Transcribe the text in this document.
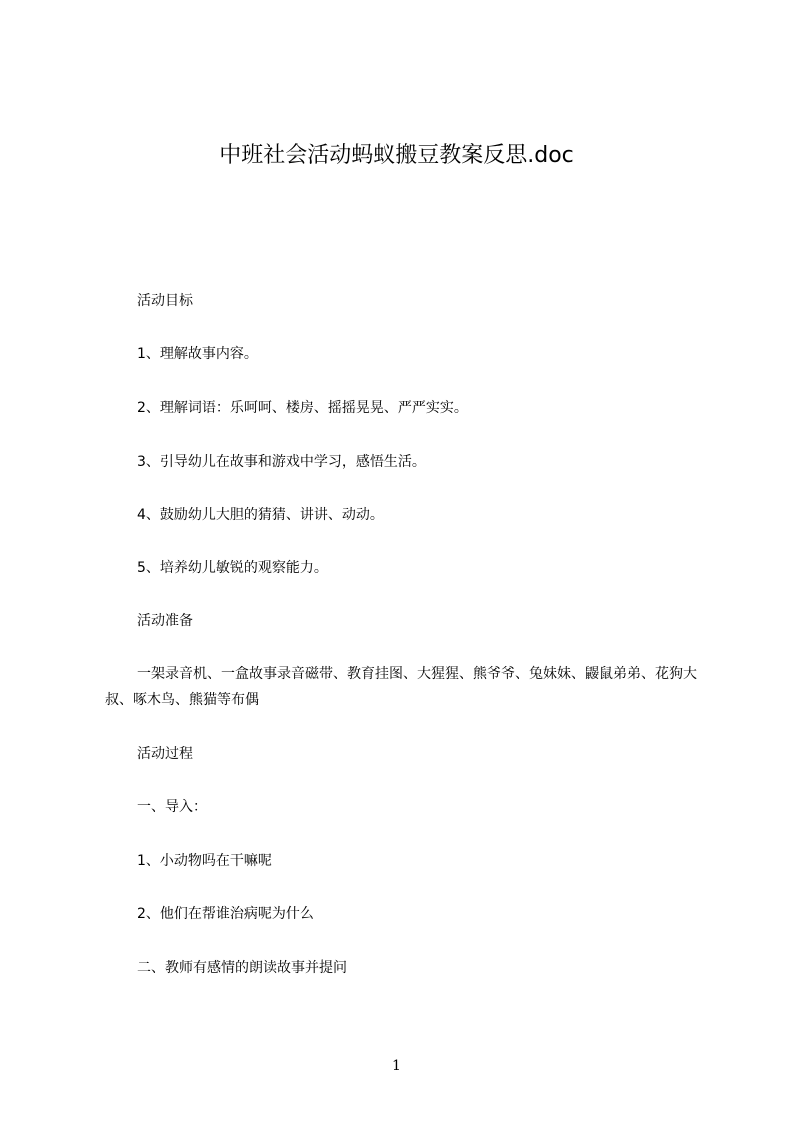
中班社会活动蚂蚁搬豆教案反思.doc

活动目标

1、理解故事内容。

2、理解词语：乐呵呵、楼房、摇摇晃晃、严严实实。

3、引导幼儿在故事和游戏中学习，感悟生活。

4、鼓励幼儿大胆的猜猜、讲讲、动动。

5、培养幼儿敏锐的观察能力。

活动准备

一架录音机、一盒故事录音磁带、教育挂图、大猩猩、熊爷爷、兔妹妹、鼹鼠弟弟、花狗大叔、啄木鸟、熊猫等布偶

活动过程

一、导入：

1、小动物吗在干嘛呢

2、他们在帮谁治病呢为什么

二、教师有感情的朗读故事并提问

1
